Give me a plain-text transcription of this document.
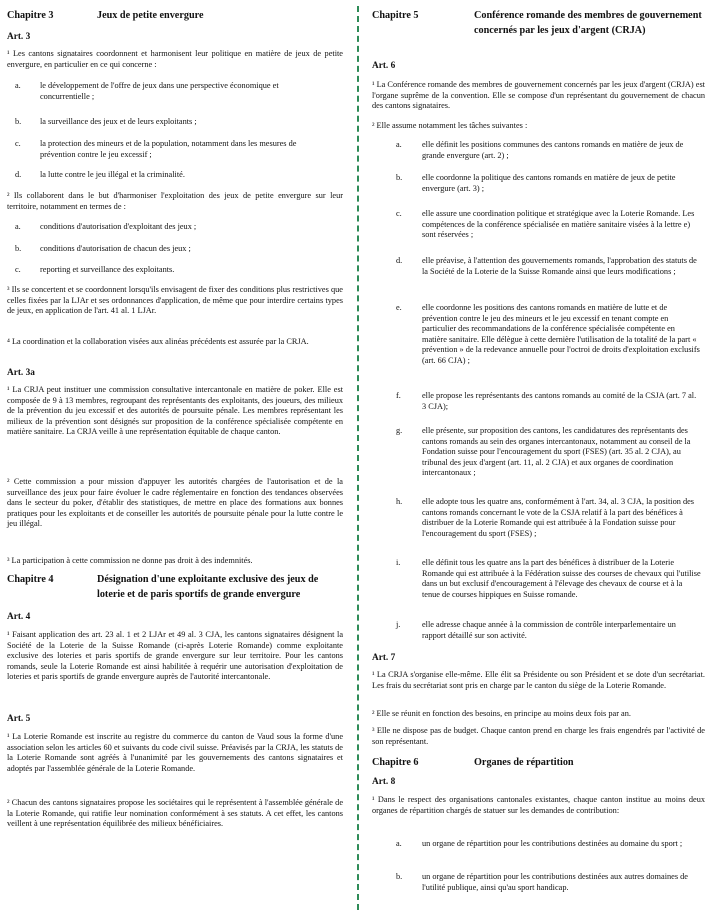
Chapitre 3	Jeux de petite envergure
Art. 3
¹ Les cantons signataires coordonnent et harmonisent leur politique en matière de jeux de petite envergure, en particulier en ce qui concerne :
a.	le développement de l'offre de jeux dans une perspective économique et concurrentielle ;
b.	la surveillance des jeux et de leurs exploitants ;
c.	la protection des mineurs et de la population, notamment dans les mesures de prévention contre le jeu excessif ;
d.	la lutte contre le jeu illégal et la criminalité.
² Ils collaborent dans le but d'harmoniser l'exploitation des jeux de petite envergure sur leur territoire, notamment en termes de :
a.	conditions d'autorisation d'exploitant des jeux ;
b.	conditions d'autorisation de chacun des jeux ;
c.	reporting et surveillance des exploitants.
³ Ils se concertent et se coordonnent lorsqu'ils envisagent de fixer des conditions plus restrictives que celles fixées par la LJAr et ses ordonnances d'application, de même que pour interdire certains types de jeux, en application de l'art. 41 al. 1 LJAr.
⁴ La coordination et la collaboration visées aux alinéas précédents est assurée par la CRJA.
Art. 3a
¹ La CRJA peut instituer une commission consultative intercantonale en matière de poker. Elle est composée de 9 à 13 membres, regroupant des représentants des exploitants, des joueurs, des milieux de la prévention du jeu excessif et des autorités de poursuite pénale. Les membres représentant les milieux de la prévention sont désignés sur proposition de la conférence spécialisée compétente en matière sanitaire. La CRJA veille à une représentation équitable de chaque canton.
² Cette commission a pour mission d'appuyer les autorités chargées de l'autorisation et de la surveillance des jeux pour faire évoluer le cadre réglementaire en fonction des tendances observées dans le secteur du poker, d'établir des statistiques, de mettre en place des formations aux bonnes pratiques pour les exploitants et de conseiller les autorités de poursuite pénale pour la lutte contre le jeu illégal.
³ La participation à cette commission ne donne pas droit à des indemnités.
Chapitre 4	Désignation d'une exploitante exclusive des jeux de loterie et de paris sportifs de grande envergure
Art. 4
¹ Faisant application des art. 23 al. 1 et 2 LJAr et 49 al. 3 CJA, les cantons signataires désignent la Société de la Loterie de la Suisse Romande (ci-après Loterie Romande) comme exploitante exclusive des loteries et paris sportifs de grande envergure sur leur territoire. Pour les cantons romands, seule la Loterie Romande est ainsi habilitée à requérir une autorisation d'exploitation de loteries et paris sportifs de grande envergure auprès de l'autorité intercantonale.
Art. 5
¹ La Loterie Romande est inscrite au registre du commerce du canton de Vaud sous la forme d'une association selon les articles 60 et suivants du code civil suisse. Préavisés par la CRJA, les statuts de la Loterie Romande sont agréés à l'unanimité par les gouvernements des cantons signataires et adoptés par l'assemblée générale de la Loterie Romande.
² Chacun des cantons signataires propose les sociétaires qui le représentent à l'assemblée générale de la Loterie Romande, qui ratifie leur nomination conformément à ses statuts. A cet effet, les cantons veillent à une représentation équilibrée des milieux bénéficiaires.
Chapitre 5	Conférence romande des membres de gouvernement concernés par les jeux d'argent (CRJA)
Art. 6
¹ La Conférence romande des membres de gouvernement concernés par les jeux d'argent (CRJA) est l'organe suprême de la convention. Elle se compose d'un représentant du gouvernement de chacun des cantons signataires.
² Elle assume notamment les tâches suivantes :
a.	elle définit les positions communes des cantons romands en matière de jeux de grande envergure (art. 2) ;
b.	elle coordonne la politique des cantons romands en matière de jeux de petite envergure (art. 3) ;
c.	elle assure une coordination politique et stratégique avec la Loterie Romande. Les compétences de la conférence spécialisée en matière sanitaire visées à la lettre e) sont réservées ;
d.	elle préavise, à l'attention des gouvernements romands, l'approbation des statuts de la Société de la Loterie de la Suisse Romande ainsi que leurs modifications ;
e.	elle coordonne les positions des cantons romands en matière de lutte et de prévention contre le jeu des mineurs et le jeu excessif en tenant compte en particulier des recommandations de la conférence spécialisée compétente en matière sanitaire. Elle délègue à cette dernière l'utilisation de la totalité de la part « prévention » de la redevance annuelle pour l'octroi de droits d'exploitation exclusifs (art. 66 CJA) ;
f.	elle propose les représentants des cantons romands au comité de la CSJA (art. 7 al. 3 CJA);
g.	elle présente, sur proposition des cantons, les candidatures des représentants des cantons romands au sein des organes intercantonaux, notamment au conseil de la Fondation suisse pour l'encouragement du sport (FSES) (art. 35 al. 2 CJA), au tribunal des jeux d'argent (art. 11, al. 2 CJA) et aux organes de coordination intercantonaux ;
h.	elle adopte tous les quatre ans, conformément à l'art. 34, al. 3 CJA, la position des cantons romands concernant le vote de la CSJA relatif à la part des bénéfices à distribuer de la Loterie Romande qui est attribuée à la Fondation suisse pour l'encouragement du sport (FSES) ;
i.	elle définit tous les quatre ans la part des bénéfices à distribuer de la Loterie Romande qui est attribuée à la Fédération suisse des courses de chevaux qui l'utilise dans un but exclusif d'encouragement à l'élevage des chevaux de course et à la tenue de courses hippiques en Suisse romande.
j.	elle adresse chaque année à la commission de contrôle interparlementaire un rapport détaillé sur son activité.
Art. 7
¹ La CRJA s'organise elle-même. Elle élit sa Présidente ou son Président et se dote d'un secrétariat. Les frais du secrétariat sont pris en charge par le canton du siège de la Loterie Romande.
² Elle se réunit en fonction des besoins, en principe au moins deux fois par an.
³ Elle ne dispose pas de budget. Chaque canton prend en charge les frais engendrés par l'activité de son représentant.
Chapitre 6	Organes de répartition
Art. 8
¹ Dans le respect des organisations cantonales existantes, chaque canton institue au moins deux organes de répartition chargés de statuer sur les demandes de contribution:
a.	un organe de répartition pour les contributions destinées au domaine du sport ;
b.	un organe de répartition pour les contributions destinées aux autres domaines de l'utilité publique, ainsi qu'au sport handicap.
